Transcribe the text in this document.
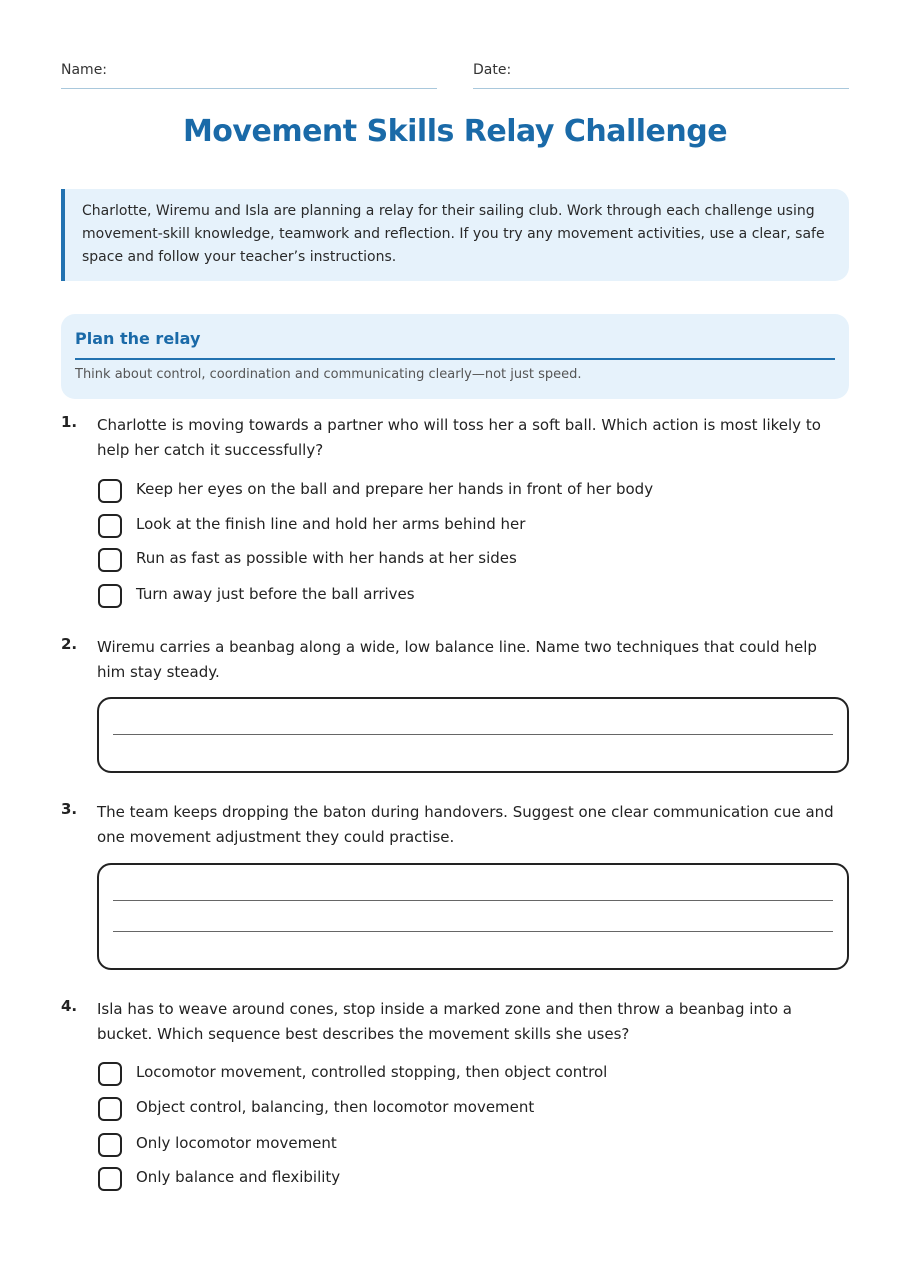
Name:	Date:
Movement Skills Relay Challenge
Charlotte, Wiremu and Isla are planning a relay for their sailing club. Work through each challenge using movement-skill knowledge, teamwork and reflection. If you try any movement activities, use a clear, safe space and follow your teacher’s instructions.
Plan the relay
Think about control, coordination and communicating clearly—not just speed.
1. Charlotte is moving towards a partner who will toss her a soft ball. Which action is most likely to help her catch it successfully?
Keep her eyes on the ball and prepare her hands in front of her body
Look at the finish line and hold her arms behind her
Run as fast as possible with her hands at her sides
Turn away just before the ball arrives
2. Wiremu carries a beanbag along a wide, low balance line. Name two techniques that could help him stay steady.
3. The team keeps dropping the baton during handovers. Suggest one clear communication cue and one movement adjustment they could practise.
4. Isla has to weave around cones, stop inside a marked zone and then throw a beanbag into a bucket. Which sequence best describes the movement skills she uses?
Locomotor movement, controlled stopping, then object control
Object control, balancing, then locomotor movement
Only locomotor movement
Only balance and flexibility
